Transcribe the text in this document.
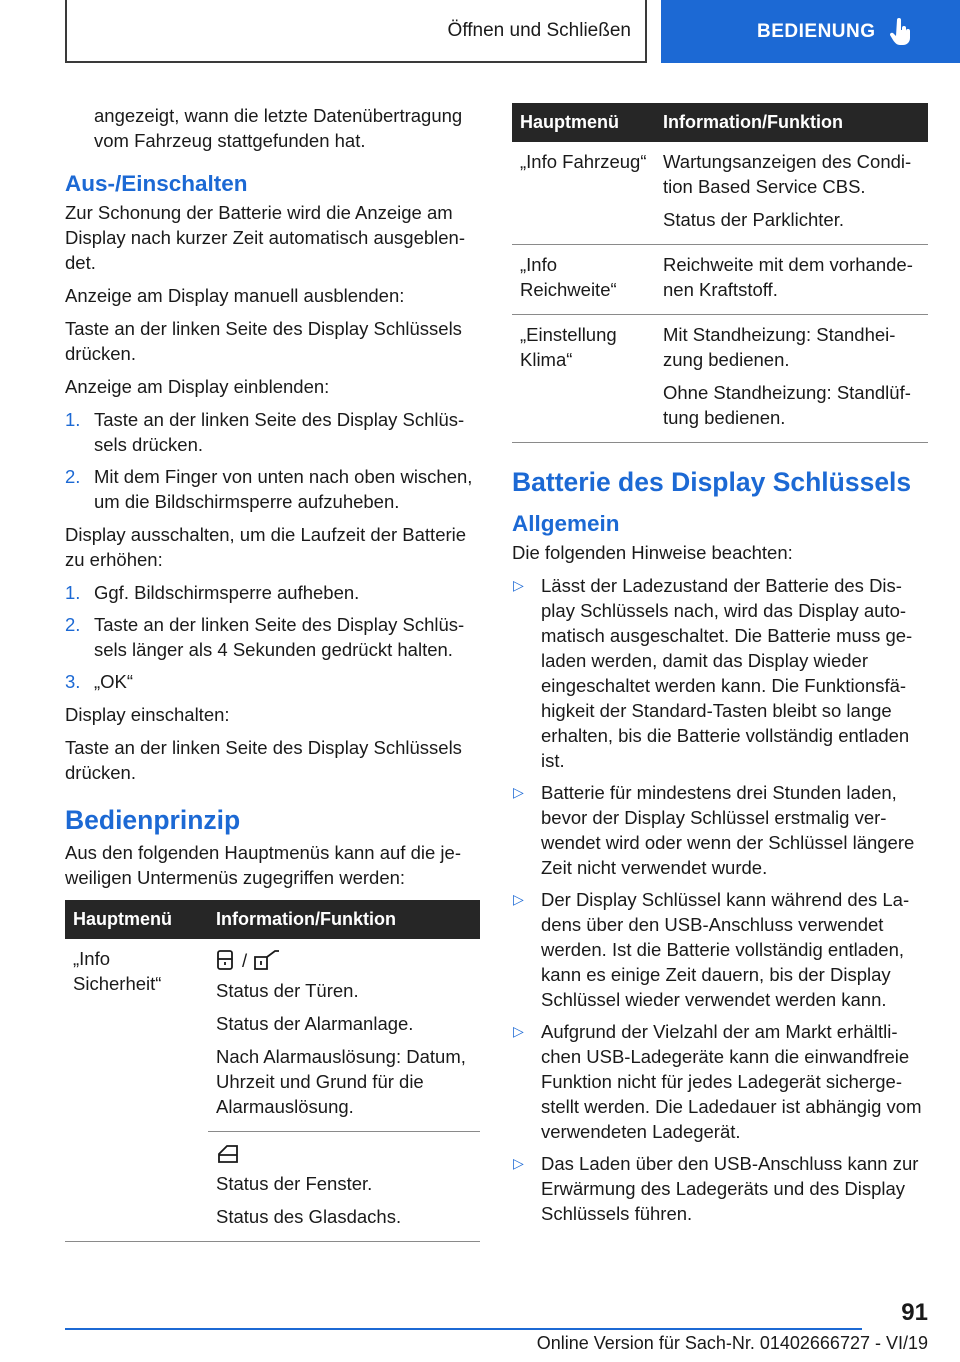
Öffnen und Schließen	BEDIENUNG

angezeigt, wann die letzte Datenübertragung vom Fahrzeug stattgefunden hat.

Aus-/Einschalten

Zur Schonung der Batterie wird die Anzeige am Display nach kurzer Zeit automatisch ausgeblendet.

Anzeige am Display manuell ausblenden:

Taste an der linken Seite des Display Schlüssels drücken.

Anzeige am Display einblenden:

1. Taste an der linken Seite des Display Schlüssels drücken.
2. Mit dem Finger von unten nach oben wischen, um die Bildschirmsperre aufzuheben.

Display ausschalten, um die Laufzeit der Batterie zu erhöhen:

1. Ggf. Bildschirmsperre aufheben.
2. Taste an der linken Seite des Display Schlüssels länger als 4 Sekunden gedrückt halten.
3. „OK“

Display einschalten:

Taste an der linken Seite des Display Schlüssels drücken.

Bedienprinzip

Aus den folgenden Hauptmenüs kann auf die jeweiligen Untermenüs zugegriffen werden:

Hauptmenü	Information/Funktion
„Info Sicherheit“	/

Status der Türen.

Status der Alarmanlage.

Nach Alarmauslösung: Datum, Uhrzeit und Grund für die Alarmauslösung.

	Status der Fenster.

Status des Glasdachs.

Hauptmenü	Information/Funktion
„Info Fahrzeug“	Wartungsanzeigen des Condition Based Service CBS.

Status der Parklichter.

„Info Reichweite“	Reichweite mit dem vorhandenen Kraftstoff.

„Einstellung Klima“	Mit Standheizung: Standheizung bedienen.

Ohne Standheizung: Standlüftung bedienen.

Batterie des Display Schlüssels
Allgemein

Die folgenden Hinweise beachten:

▷ Lässt der Ladezustand der Batterie des Display Schlüssels nach, wird das Display automatisch ausgeschaltet. Die Batterie muss geladen werden, damit das Display wieder eingeschaltet werden kann. Die Funktionsfähigkeit der Standard-Tasten bleibt so lange erhalten, bis die Batterie vollständig entladen ist.
▷ Batterie für mindestens drei Stunden laden, bevor der Display Schlüssel erstmalig verwendet wird oder wenn der Schlüssel längere Zeit nicht verwendet wurde.
▷ Der Display Schlüssel kann während des Ladens über den USB-Anschluss verwendet werden. Ist die Batterie vollständig entladen, kann es einige Zeit dauern, bis der Display Schlüssel wieder verwendet werden kann.
▷ Aufgrund der Vielzahl der am Markt erhältlichen USB-Ladegeräte kann die einwandfreie Funktion nicht für jedes Ladegerät sichergestellt werden. Die Ladedauer ist abhängig vom verwendeten Ladegerät.
▷ Das Laden über den USB-Anschluss kann zur Erwärmung des Ladegeräts und des Display Schlüssels führen.
91
Online Version für Sach-Nr. 01402666727 - VI/19
